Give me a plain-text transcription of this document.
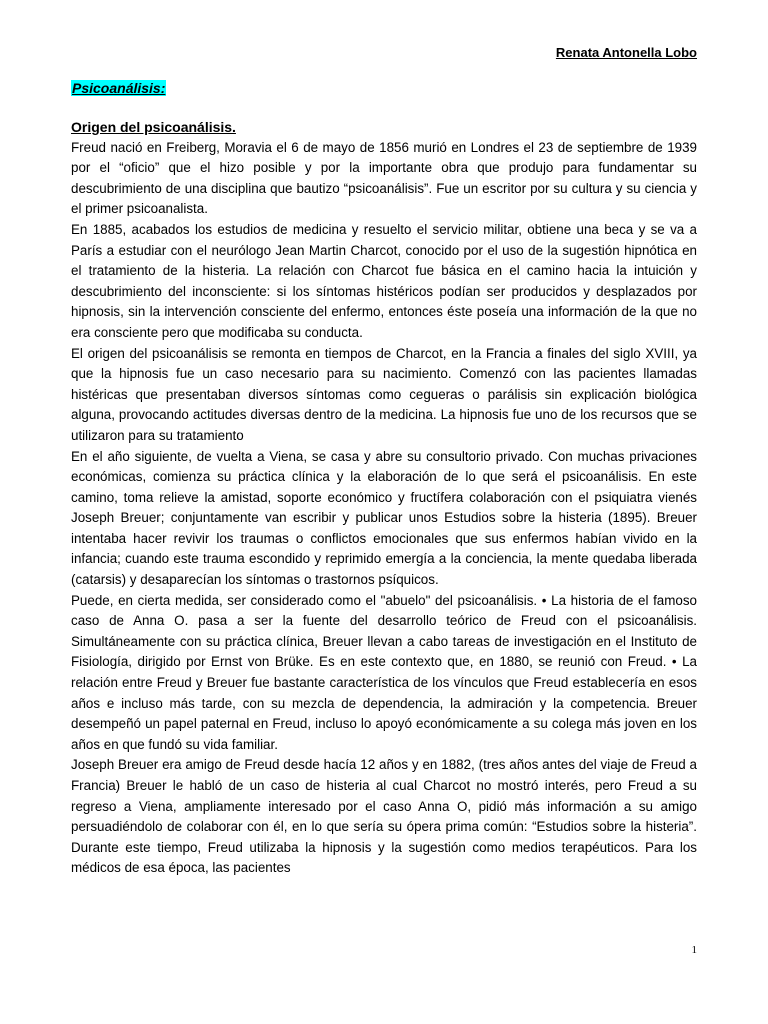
Renata Antonella Lobo
Psicoanálisis:
Origen del psicoanálisis.

Freud nació en Freiberg, Moravia el 6 de mayo de 1856 murió en Londres el 23 de septiembre de 1939 por el “oficio” que el hizo posible y por la importante obra que produjo para fundamentar su descubrimiento de una disciplina que bautizo “psicoanálisis”. Fue un escritor por su cultura y su ciencia y el primer psicoanalista.

En 1885, acabados los estudios de medicina y resuelto el servicio militar, obtiene una beca y se va a París a estudiar con el neurólogo Jean Martin Charcot, conocido por el uso de la sugestión hipnótica en el tratamiento de la histeria. La relación con Charcot fue básica en el camino hacia la intuición y descubrimiento del inconsciente: si los síntomas histéricos podían ser producidos y desplazados por hipnosis, sin la intervención consciente del enfermo, entonces éste poseía una información de la que no era consciente pero que modificaba su conducta.

El origen del psicoanálisis se remonta en tiempos de Charcot, en la Francia a finales del siglo XVIII, ya que la hipnosis fue un caso necesario para su nacimiento. Comenzó con las pacientes llamadas histéricas que presentaban diversos síntomas como cegueras o parálisis sin explicación biológica alguna, provocando actitudes diversas dentro de la medicina. La hipnosis fue uno de los recursos que se utilizaron para su tratamiento

En el año siguiente, de vuelta a Viena, se casa y abre su consultorio privado. Con muchas privaciones económicas, comienza su práctica clínica y la elaboración de lo que será el psicoanálisis. En este camino, toma relieve la amistad, soporte económico y fructífera colaboración con el psiquiatra vienés Joseph Breuer; conjuntamente van escribir y publicar unos Estudios sobre la histeria (1895). Breuer intentaba hacer revivir los traumas o conflictos emocionales que sus enfermos habían vivido en la infancia; cuando este trauma escondido y reprimido emergía a la conciencia, la mente quedaba liberada (catarsis) y desaparecían los síntomas o trastornos psíquicos.

Puede, en cierta medida, ser considerado como el "abuelo" del psicoanálisis. • La historia de el famoso caso de Anna O. pasa a ser la fuente del desarrollo teórico de Freud con el psicoanálisis. Simultáneamente con su práctica clínica, Breuer llevan a cabo tareas de investigación en el Instituto de Fisiología, dirigido por Ernst von Brüke. Es en este contexto que, en 1880, se reunió con Freud. • La relación entre Freud y Breuer fue bastante característica de los vínculos que Freud establecería en esos años e incluso más tarde, con su mezcla de dependencia, la admiración y la competencia. Breuer desempeñó un papel paternal en Freud, incluso lo apoyó económicamente a su colega más joven en los años en que fundó su vida familiar.

Joseph Breuer era amigo de Freud desde hacía 12 años y en 1882, (tres años antes del viaje de Freud a Francia) Breuer le habló de un caso de histeria al cual Charcot no mostró interés, pero Freud a su regreso a Viena, ampliamente interesado por el caso Anna O, pidió más información a su amigo persuadiéndolo de colaborar con él, en lo que sería su ópera prima común: “Estudios sobre la histeria”. Durante este tiempo, Freud utilizaba la hipnosis y la sugestión como medios terapéuticos. Para los médicos de esa época, las pacientes

1
